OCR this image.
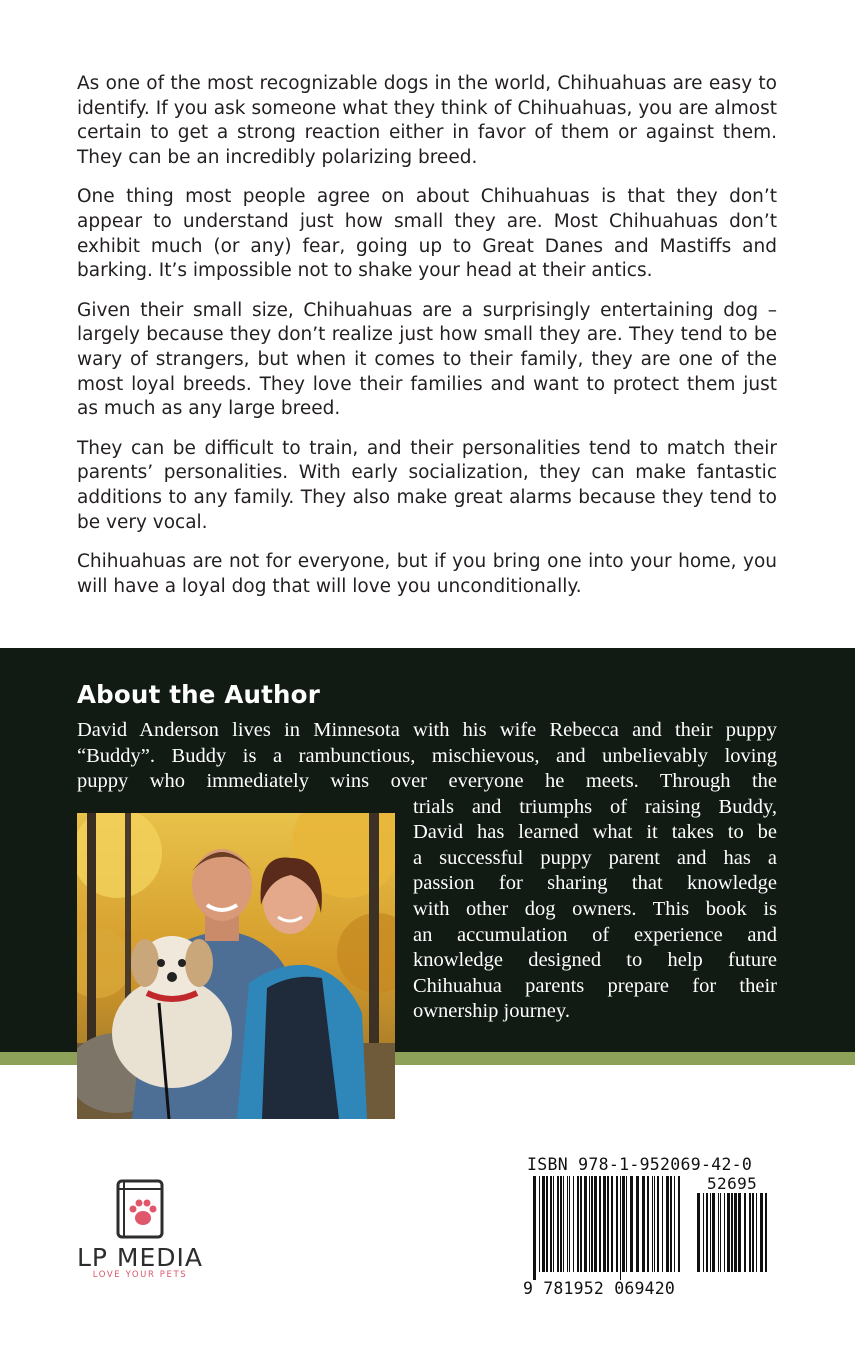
As one of the most recognizable dogs in the world, Chihuahuas are easy to identify. If you ask someone what they think of Chihuahuas, you are almost certain to get a strong reaction either in favor of them or against them. They can be an incredibly polarizing breed.

One thing most people agree on about Chihuahuas is that they don’t appear to understand just how small they are. Most Chihuahuas don’t exhibit much (or any) fear, going up to Great Danes and Mastiffs and barking. It’s impossible not to shake your head at their antics.

Given their small size, Chihuahuas are a surprisingly entertaining dog – largely because they don’t realize just how small they are. They tend to be wary of strangers, but when it comes to their family, they are one of the most loyal breeds. They love their families and want to protect them just as much as any large breed.

They can be difficult to train, and their personalities tend to match their parents’ personalities. With early socialization, they can make fantastic additions to any family. They also make great alarms because they tend to be very vocal.

Chihuahuas are not for everyone, but if you bring one into your home, you will have a loyal dog that will love you unconditionally.

About the Author
David Anderson lives in Minnesota with his wife Rebecca and their puppy
“Buddy”. Buddy is a rambunctious, mischievous, and unbelievably loving
puppy who immediately wins over everyone he meets. Through the
trials and triumphs of raising Buddy,
David has learned what it takes to be
a successful puppy parent and has a
passion for sharing that knowledge
with other dog owners. This book is
an accumulation of experience and
knowledge designed to help future
Chihuahua parents prepare for their
ownership journey.
LP MEDIA
LOVE YOUR PETS
ISBN 978-1-952069-42-0
52695
9 781952 069420
